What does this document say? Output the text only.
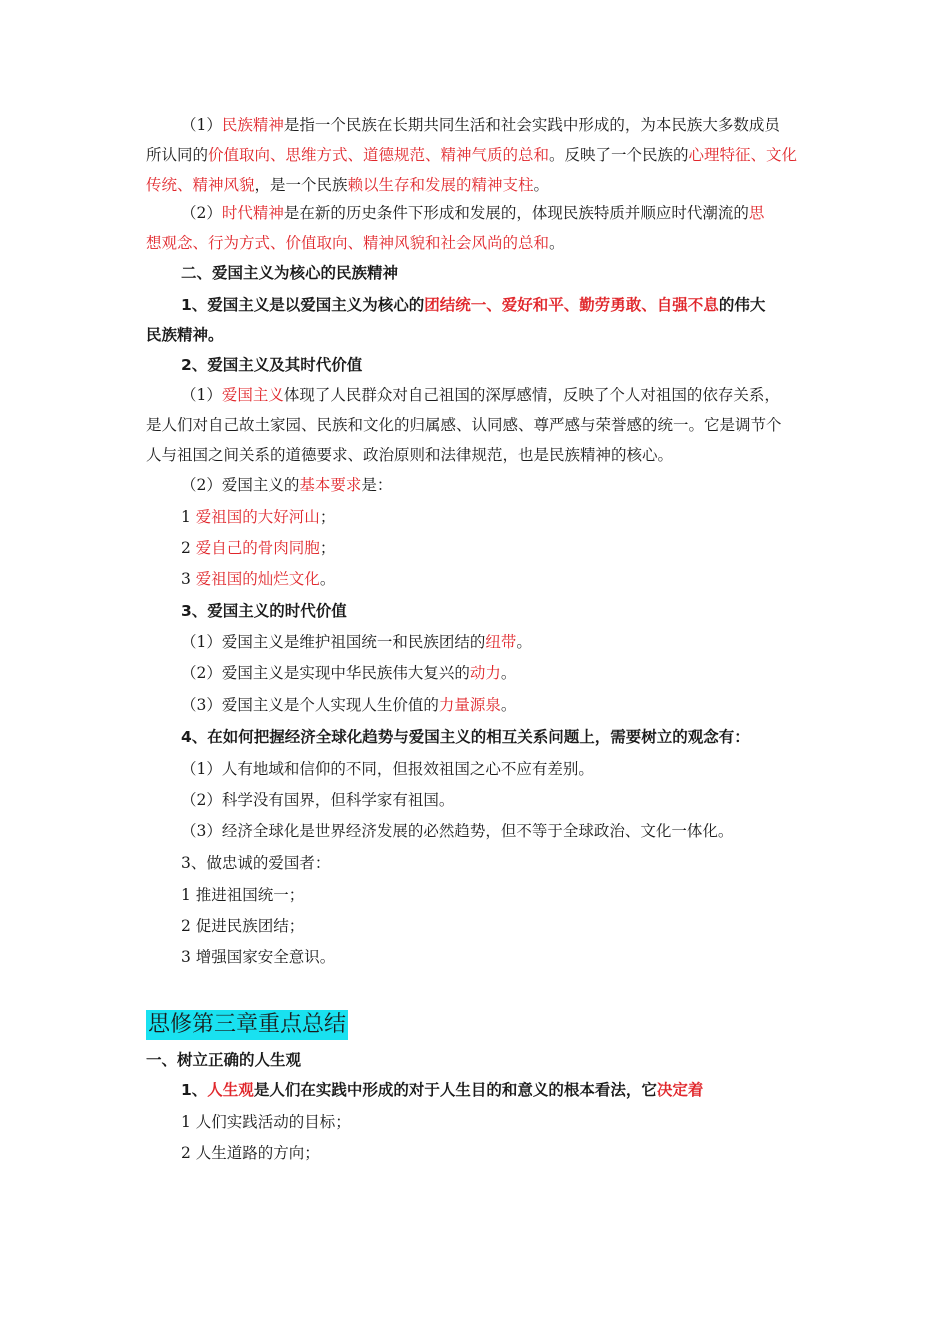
（1）民族精神是指一个民族在长期共同生活和社会实践中形成的，为本民族大多数成员
所认同的价值取向、思维方式、道德规范、精神气质的总和。反映了一个民族的心理特征、文化
传统、精神风貌，是一个民族赖以生存和发展的精神支柱。
（2）时代精神是在新的历史条件下形成和发展的，体现民族特质并顺应时代潮流的思
想观念、行为方式、价值取向、精神风貌和社会风尚的总和。
二、爱国主义为核心的民族精神
1、爱国主义是以爱国主义为核心的团结统一、爱好和平、勤劳勇敢、自强不息的伟大
民族精神。
2、爱国主义及其时代价值
（1）爱国主义体现了人民群众对自己祖国的深厚感情，反映了个人对祖国的依存关系，
是人们对自己故土家园、民族和文化的归属感、认同感、尊严感与荣誉感的统一。它是调节个
人与祖国之间关系的道德要求、政治原则和法律规范，也是民族精神的核心。
（2）爱国主义的基本要求是：
1 爱祖国的大好河山；
2 爱自己的骨肉同胞；
3 爱祖国的灿烂文化。
3、爱国主义的时代价值
（1）爱国主义是维护祖国统一和民族团结的纽带。
（2）爱国主义是实现中华民族伟大复兴的动力。
（3）爱国主义是个人实现人生价值的力量源泉。
4、在如何把握经济全球化趋势与爱国主义的相互关系问题上，需要树立的观念有：
（1）人有地域和信仰的不同，但报效祖国之心不应有差别。
（2）科学没有国界，但科学家有祖国。
（3）经济全球化是世界经济发展的必然趋势，但不等于全球政治、文化一体化。
3、做忠诚的爱国者：
1 推进祖国统一；
2 促进民族团结；
3 增强国家安全意识。
思修第三章重点总结
一、树立正确的人生观
1、人生观是人们在实践中形成的对于人生目的和意义的根本看法，它决定着
1 人们实践活动的目标；
2 人生道路的方向；
